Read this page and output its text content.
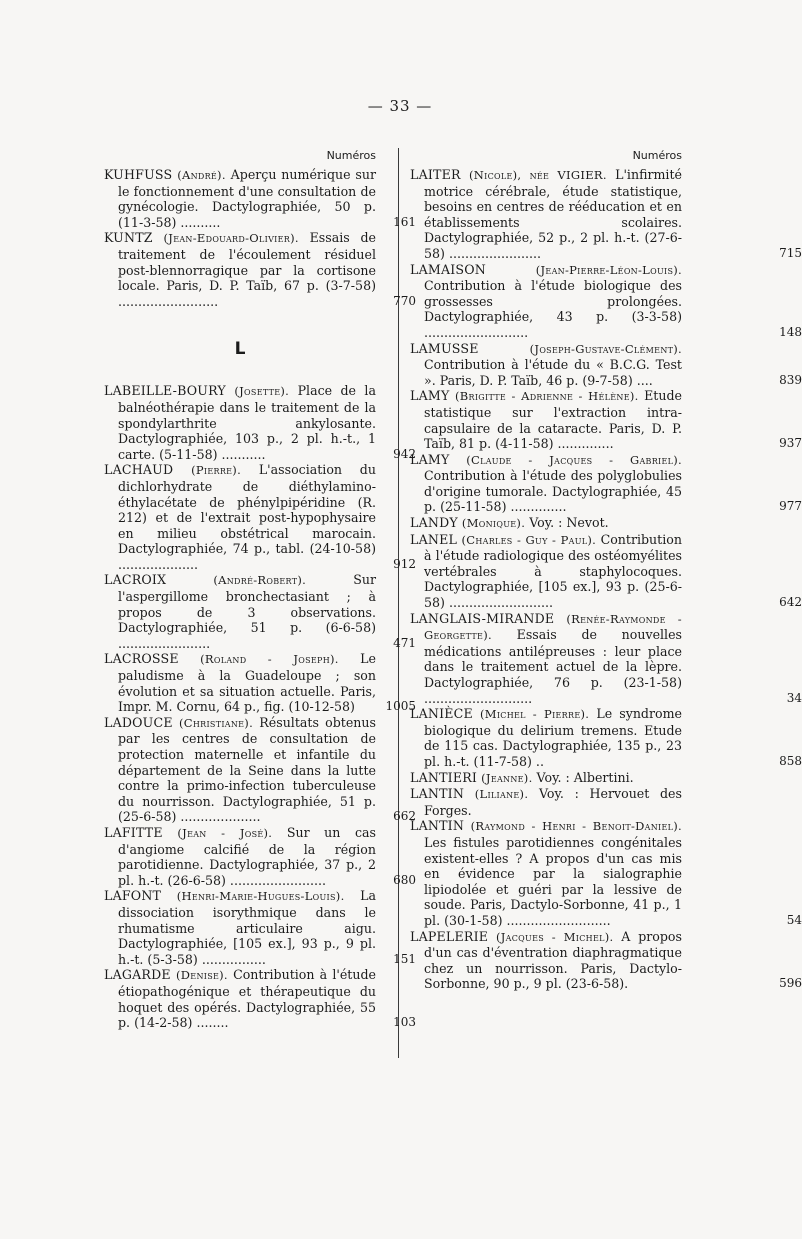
— 33 —
Numéros

KUHFUSS (André). Aperçu numérique sur le fonctionnement d'une consultation de gynécologie. Dactylographiée, 50 p. (11-3-58) ..........	161

KUNTZ (Jean-Edouard-Olivier). Essais de traitement de l'écoulement résiduel post-blennorragique par la cortisone locale. Paris, D. P. Taïb, 67 p. (3-7-58) .........................	770

L

LABEILLE-BOURY (Josette). Place de la balnéothérapie dans le traitement de la spondylarthrite ankylosante. Dactylographiée, 103 p., 2 pl. h.-t., 1 carte. (5-11-58) ...........	942

LACHAUD (Pierre). L'association du dichlorhydrate de diéthylamino-éthylacétate de phénylpipéridine (R. 212) et de l'extrait post-hypophysaire en milieu obstétrical marocain. Dactylographiée, 74 p., tabl. (24-10-58) ....................	912

LACROIX	(André-Robert).	Sur l'aspergillome bronchectasiant ; à propos de 3 observations. Dactylographiée, 51 p. (6-6-58) .......................	471

LACROSSE (Roland - Joseph). Le paludisme à la Guadeloupe ; son évolution et sa situation actuelle. Paris, Impr. M. Cornu, 64 p., fig. (10-12-58)	1005

LADOUCE (Christiane). Résultats obtenus par les centres de consultation de protection maternelle et infantile du département de la Seine dans la lutte contre la primo-infection tuberculeuse du nourrisson. Dactylographiée, 51 p. (25-6-58) ....................	662

LAFITTE (Jean - José). Sur un cas d'angiome calcifié de la région parotidienne. Dactylographiée, 37 p., 2 pl. h.-t. (26-6-58) ........................	680

LAFONT (Henri-Marie-Hugues-Louis). La dissociation isorythmique dans le rhumatisme articulaire aigu. Dactylographiée, [105 ex.], 93 p., 9 pl. h.-t. (5-3-58) ................	151

LAGARDE (Denise). Contribution à l'étude étiopathogénique et thérapeutique du hoquet des opérés. Dactylographiée, 55 p. (14-2-58) ........	103

Numéros

LAITER (Nicole), née VIGIER. L'infirmité motrice cérébrale, étude statistique, besoins en centres de rééducation et en établissements scolaires. Dactylographiée, 52 p., 2 pl. h.-t. (27-6-58) .......................	715

LAMAISON	(Jean-Pierre-Léon-Louis). Contribution à l'étude biologique des grossesses prolongées. Dactylographiée, 43 p. (3-3-58) ..........................	148

LAMUSSE	(Joseph-Gustave-Clément). Contribution à l'étude du « B.C.G. Test ». Paris, D. P. Taïb, 46 p. (9-7-58) ....	839

LAMY (Brigitte - Adrienne - Hélène). Etude statistique sur l'extraction intra-capsulaire de la cataracte. Paris, D. P. Taïb, 81 p. (4-11-58) ..............	937

LAMY (Claude - Jacques - Gabriel). Contribution à l'étude des polyglobulies d'origine tumorale. Dactylographiée, 45 p. (25-11-58) ..............	977

LANDY (Monique). Voy. : Nevot.

LANEL (Charles - Guy - Paul). Contribution à l'étude radiologique des ostéomyélites vertébrales à staphylocoques. Dactylographiée, [105 ex.], 93 p. (25-6-58) ..........................	642

LANGLAIS-MIRANDE (Renée-Raymonde - Georgette). Essais de nouvelles médications antilépreuses : leur place dans le traitement actuel de la lèpre. Dactylographiée, 76 p. (23-1-58) ...........................	34

LANIÈCE (Michel - Pierre). Le syndrome biologique du delirium tremens. Etude de 115 cas. Dactylographiée, 135 p., 23 pl. h.-t. (11-7-58) ..	858

LANTIERI (Jeanne). Voy. : Albertini.

LANTIN (Liliane). Voy. : Hervouet des Forges.

LANTIN (Raymond - Henri - Benoit-Daniel). Les fistules parotidiennes congénitales existent-elles ? A propos d'un cas mis en évidence par la sialographie lipiodolée et guéri par la lessive de soude. Paris, Dactylo-Sorbonne, 41 p., 1 pl. (30-1-58) ..........................	54

LAPELERIE (Jacques - Michel). A propos d'un cas d'éventration diaphragmatique chez un nourrisson. Paris, Dactylo-Sorbonne, 90 p., 9 pl. (23-6-58).	596
